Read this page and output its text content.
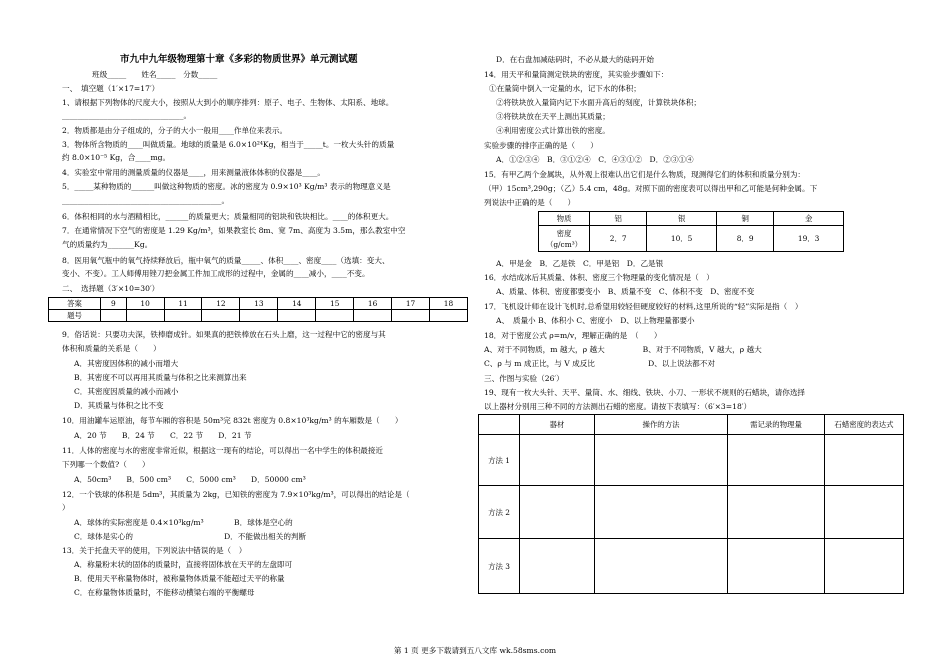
市九中九年级物理第十章《多彩的物质世界》单元测试题
班级_____　　姓名_____　分数_____
一、　填空题（1′×17=17′）
1、请根据下列物体的尺度大小，按照从大到小的顺序排列：原子、电子、生物体、太阳系、地球。
________________________________。
2．物质都是由分子组成的，分子的大小一般用____作单位来表示。
3．物体所含物质的____叫做质量。地球的质量是 6.0×10²⁴Kg，相当于_____t。一枚大头针的质量
约 8.0×10⁻⁵ Kg，合____mg。
4．实验室中常用的测量质量的仪器是____，用来测量液体体积的仪器是____。
5．_____某种物质的______叫做这种物质的密度。冰的密度为 0.9×10³ Kg/m³ 表示的物理意义是
__________________________________________。
6．体积相同的水与酒精相比，______的质量更大；质量相同的铝块和铁块相比。____的体积更大。
7．在通常情况下空气的密度是 1.29 Kg/m³，如果教室长 8m、宽 7m、高度为 3.5m，那么教室中空
气的质量约为_______Kg。
8．医用氧气瓶中的氧气持续释放后，瓶中氧气的质量_____、体积____、密度____（选填：变大、
变小、不变）。工人师傅用锉刀把金属工件加工成形的过程中，金属的____减小，____不变。
二、　选择题（3′×10=30′）
答案	9	10	11	12	13	14	15	16	17	18
题号										
9．俗话说：只要功夫深，铁棒磨成针。如果真的把铁棒放在石头上磨，这一过程中它的密度与其
体积和质量的关系是（　　）
A．其密度因体积的减小而增大
B．其密度不可以再用其质量与体积之比来测算出来
C．其密度因质量的减小而减小
D．其质量与体积之比不变
10．用油罐车运原油，每节车厢的容积是 50m³完 832t 密度为 0.8×10³kg/m³ 的车厢数是（　　）
A．20 节　　B．24 节　　C．22 节　　D．21 节
11．人体的密度与水的密度非常近似，根据这一现有的结论，可以得出一名中学生的体积最接近
下列哪一个数值?（　　）
A．50cm³　　B．500 cm³　　C．5000 cm³　　D．50000 cm³
12．一个铁球的体积是 5dm³，其质量为 2kg，已知铁的密度为 7.9×10³kg/m³，可以得出的结论是（
）
A．球体的实际密度是 0.4×10³kg/m³　　　　B．球体是空心的
C．球体是实心的　　　　　　　　　　　　D．不能做出相关的判断
13．关于托盘天平的使用，下列说法中错误的是（　）
A．称量粉末状的固体的质量时，直接将固体放在天平的左盘即可
B．使用天平称量物体时，被称量物体质量不能超过天平的称量
C．在称量物体质量时，不能移动横梁右端的平衡螺母
D．在右盘加减砝码时，不必从最大的砝码开始
14．用天平和量筒测定铁块的密度，其实验步骤如下：
①在量筒中倒入一定量的水，记下水的体积；
②将铁块放入量筒内记下水面升高后的刻度，计算铁块体积；
③将铁块放在天平上测出其质量；
④利用密度公式计算出铁的密度。
实验步骤的排序正确的是（　　）
A．①②③④　B．③①②④　C．④③①②　D．②③①④
15．有甲乙两个金属块，从外观上很难认出它们是什么物质，现测得它们的体积和质量分别为：
（甲）15cm³,290g；（乙）5.4 cm，48g。对照下面的密度表可以得出甲和乙可能是何种金属。下
列说法中正确的是（　　）
物质	铝	银	铜	金

密度
（g/cm³）	2．7	10．5	8．9	19．3
A．甲是金　B．乙是铁　C．甲是铝　D．乙是银
16．水结成冰后其质量、体积、密度三个物理量的变化情况是（　）
A、质量、体积、密度都要变小　B、质量不变　C、体积不变　D、密度不变
17．飞机设计师在设计飞机时,总希望用较轻但硬度较好的材料,这里所说的“轻”实际是指（　）
A、　质量小 B、体积小 C、密度小　D、以上物理量都要小
18．对于密度公式 ρ=m/v，理解正确的是　（　　）
A、对于不同物质，m 越大，ρ 越大　　　　　B、对于不同物质，V 越大，ρ 越大
C、ρ 与 m 成正比，与 V 成反比　　　　　　　D、以上说法都不对
三、作图与实验（26′）
19、现有一枚大头针、天平、量筒、水、细线、铁块、小刀、一形状不规则的石蜡块，请你选择
以上器材分别用三种不同的方法测出石蜡的密度。请按下表填写：（6′×3=18′）
	器材	操作的方法	需记录的物理量	石蜡密度的表达式
方法 1				
方法 2				
方法 3				
第 1 页 更多下载请到五八文库 wk.58sms.com
